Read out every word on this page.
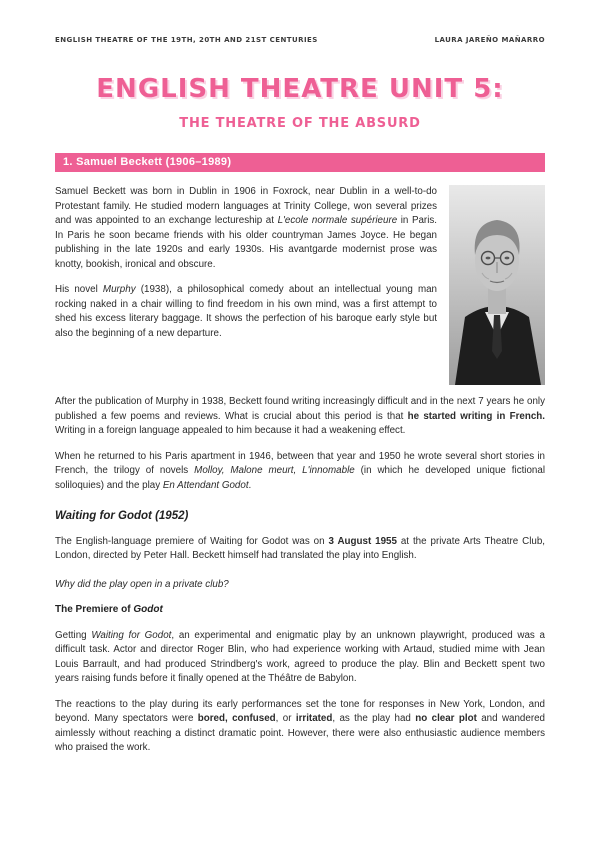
ENGLISH THEATRE OF THE 19TH, 20TH AND 21ST CENTURIES	LAURA JAREÑO MAÑARRO
ENGLISH THEATRE UNIT 5:
THE THEATRE OF THE ABSURD
1. Samuel Beckett (1906–1989)

Samuel Beckett was born in Dublin in 1906 in Foxrock, near Dublin in a well-to-do Protestant family. He studied modern languages at Trinity College, won several prizes and was appointed to an exchange lectureship at L'ecole normale supérieure in Paris. In Paris he soon became friends with his older countryman James Joyce. He began publishing in the late 1920s and early 1930s. His avantgarde modernist prose was knotty, bookish, ironical and obscure.

His novel Murphy (1938), a philosophical comedy about an intellectual young man rocking naked in a chair willing to find freedom in his own mind, was a first attempt to shed his excess literary baggage. It shows the perfection of his baroque early style but also the beginning of a new departure.

After the publication of Murphy in 1938, Beckett found writing increasingly difficult and in the next 7 years he only published a few poems and reviews. What is crucial about this period is that he started writing in French. Writing in a foreign language appealed to him because it had a weakening effect.

When he returned to his Paris apartment in 1946, between that year and 1950 he wrote several short stories in French, the trilogy of novels Molloy, Malone meurt, L'innomable (in which he developed unique fictional soliloquies) and the play En Attendant Godot.

Waiting for Godot (1952)

The English-language premiere of Waiting for Godot was on 3 August 1955 at the private Arts Theatre Club, London, directed by Peter Hall. Beckett himself had translated the play into English.

Why did the play open in a private club?

The Premiere of Godot

Getting Waiting for Godot, an experimental and enigmatic play by an unknown playwright, produced was a difficult task. Actor and director Roger Blin, who had experience working with Artaud, studied mime with Jean Louis Barrault, and had produced Strindberg's work, agreed to produce the play. Blin and Beckett spent two years raising funds before it finally opened at the Théâtre de Babylon.

The reactions to the play during its early performances set the tone for responses in New York, London, and beyond. Many spectators were bored, confused, or irritated, as the play had no clear plot and wandered aimlessly without reaching a distinct dramatic point. However, there were also enthusiastic audience members who praised the work.
